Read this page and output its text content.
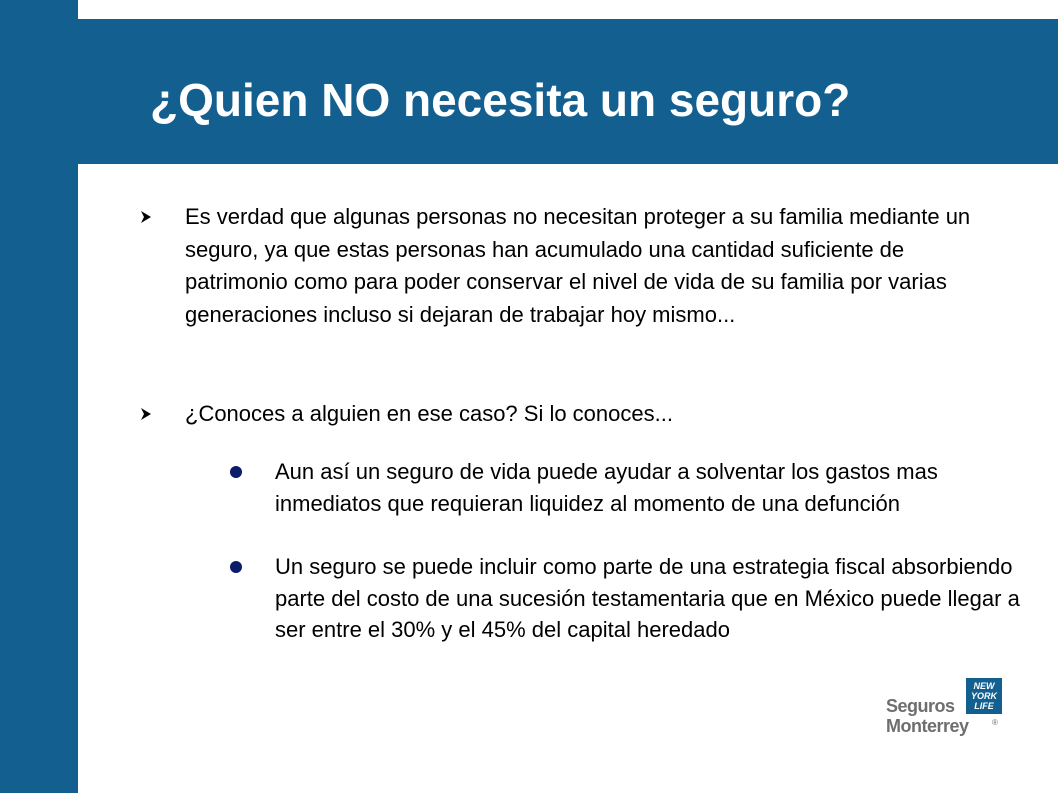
¿Quien NO necesita un seguro?
Es verdad que algunas personas no necesitan proteger a su familia mediante un seguro, ya que estas personas han acumulado una cantidad suficiente de patrimonio como para poder conservar el nivel de vida de su familia por varias generaciones incluso si dejaran de trabajar hoy mismo...
¿Conoces a alguien en ese caso? Si lo conoces...
Aun así un seguro de vida puede ayudar a solventar los gastos mas inmediatos que requieran liquidez al momento de una defunción
Un seguro se puede incluir como parte de una estrategia fiscal absorbiendo parte del costo de una sucesión testamentaria que en México puede llegar a ser entre el 30% y el 45% del capital heredado
Seguros
Monterrey
NEW
YORK
LIFE
®
